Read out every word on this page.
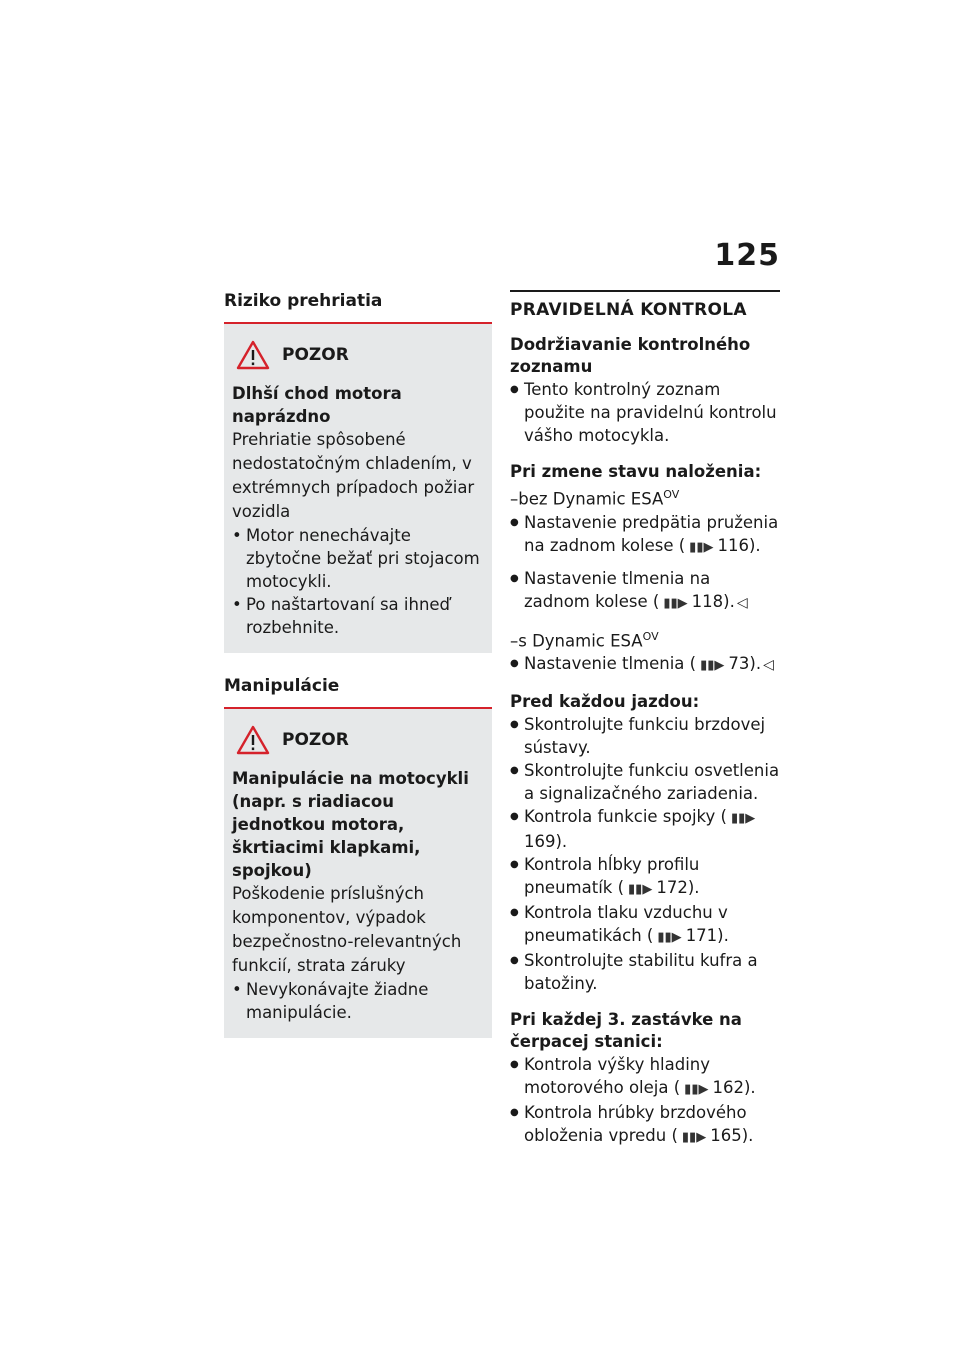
125
Riziko prehriatia
POZOR
Dlhší chod motora naprázdno
Prehriatie spôsobené nedostatočným chladením, v extrémnych prípadoch požiar vozidla
• Motor nenechávajte zbytočne bežať pri stojacom motocykli.
• Po naštartovaní sa ihneď rozbehnite.
Manipulácie
POZOR
Manipulácie na motocykli (napr. s riadiacou jednotkou motora, škrtiacimi klapkami, spojkou)
Poškodenie príslušných komponentov, výpadok bezpečnostno-relevantných funkcií, strata záruky
• Nevykonávajte žiadne manipulácie.
PRAVIDELNÁ KONTROLA
Dodržiavanie kontrolného zoznamu
● Tento kontrolný zoznam použite na pravidelnú kontrolu vášho motocykla.
Pri zmene stavu naloženia:
–bez Dynamic $ESA^{OV}$
● Nastavenie predpätia pruženia na zadnom kolese ( ▮▮▶ 116).
● Nastavenie tlmenia na zadnom kolese ( ▮▮▶ 118). ◁
–s Dynamic $ESA^{OV}$
● Nastavenie tlmenia ( ▮▮▶ 73). ◁
Pred každou jazdou:
● Skontrolujte funkciu brzdovej sústavy.
● Skontrolujte funkciu osvetlenia a signalizačného zariadenia.
● Kontrola funkcie spojky ( ▮▮▶169).
● Kontrola hĺbky profilu pneumatík ( ▮▮▶ 172).
● Kontrola tlaku vzduchu v pneumatikách ( ▮▮▶ 171).
● Skontrolujte stabilitu kufra a batožiny.
Pri každej 3. zastávke na čerpacej stanici:
● Kontrola výšky hladiny motorového oleja ( ▮▮▶ 162).
● Kontrola hrúbky brzdového obloženia vpredu ( ▮▮▶ 165).
